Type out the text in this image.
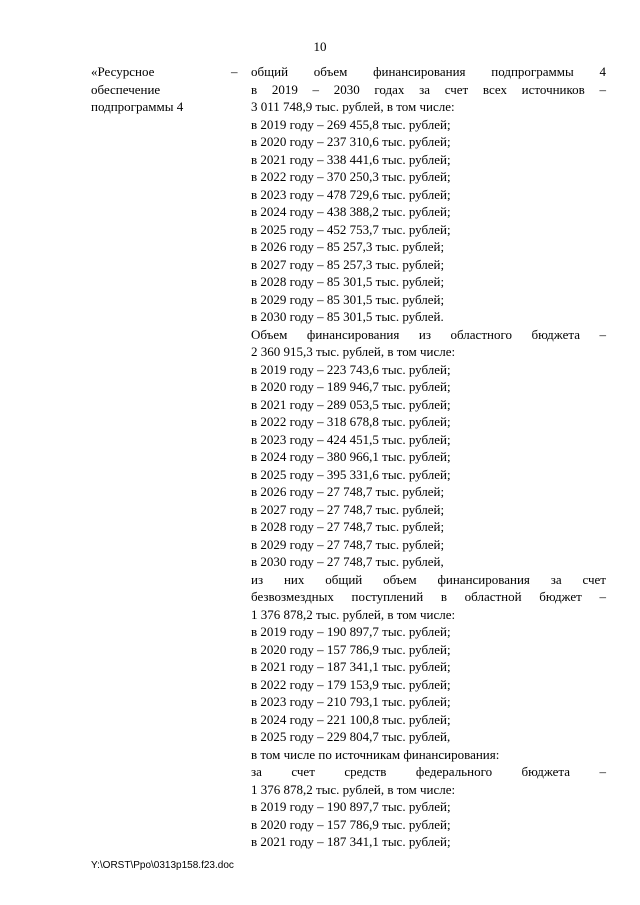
10
«Ресурсное
обеспечение
подпрограммы 4
–	общий объем финансирования подпрограммы 4
в 2019 – 2030 годах за счет всех источников –
3 011 748,9 тыс. рублей, в том числе:
в 2019 году – 269 455,8 тыс. рублей;
в 2020 году – 237 310,6 тыс. рублей;
в 2021 году – 338 441,6 тыс. рублей;
в 2022 году – 370 250,3 тыс. рублей;
в 2023 году – 478 729,6 тыс. рублей;
в 2024 году – 438 388,2 тыс. рублей;
в 2025 году – 452 753,7 тыс. рублей;
в 2026 году – 85 257,3 тыс. рублей;
в 2027 году – 85 257,3 тыс. рублей;
в 2028 году – 85 301,5 тыс. рублей;
в 2029 году – 85 301,5 тыс. рублей;
в 2030 году – 85 301,5 тыс. рублей.
Объем финансирования из областного бюджета –
2 360 915,3 тыс. рублей, в том числе:
в 2019 году – 223 743,6 тыс. рублей;
в 2020 году – 189 946,7 тыс. рублей;
в 2021 году – 289 053,5 тыс. рублей;
в 2022 году – 318 678,8 тыс. рублей;
в 2023 году – 424 451,5 тыс. рублей;
в 2024 году – 380 966,1 тыс. рублей;
в 2025 году – 395 331,6 тыс. рублей;
в 2026 году – 27 748,7 тыс. рублей;
в 2027 году – 27 748,7 тыс. рублей;
в 2028 году – 27 748,7 тыс. рублей;
в 2029 году – 27 748,7 тыс. рублей;
в 2030 году – 27 748,7 тыс. рублей,
из них общий объем финансирования за счет
безвозмездных поступлений в областной бюджет –
1 376 878,2 тыс. рублей, в том числе:
в 2019 году – 190 897,7 тыс. рублей;
в 2020 году – 157 786,9 тыс. рублей;
в 2021 году – 187 341,1 тыс. рублей;
в 2022 году – 179 153,9 тыс. рублей;
в 2023 году – 210 793,1 тыс. рублей;
в 2024 году – 221 100,8 тыс. рублей;
в 2025 году – 229 804,7 тыс. рублей,
в том числе по источникам финансирования:
за счет средств федерального бюджета –
1 376 878,2 тыс. рублей, в том числе:
в 2019 году – 190 897,7 тыс. рублей;
в 2020 году – 157 786,9 тыс. рублей;
в 2021 году – 187 341,1 тыс. рублей;
Y:\ORST\Ppo\0313p158.f23.doc
